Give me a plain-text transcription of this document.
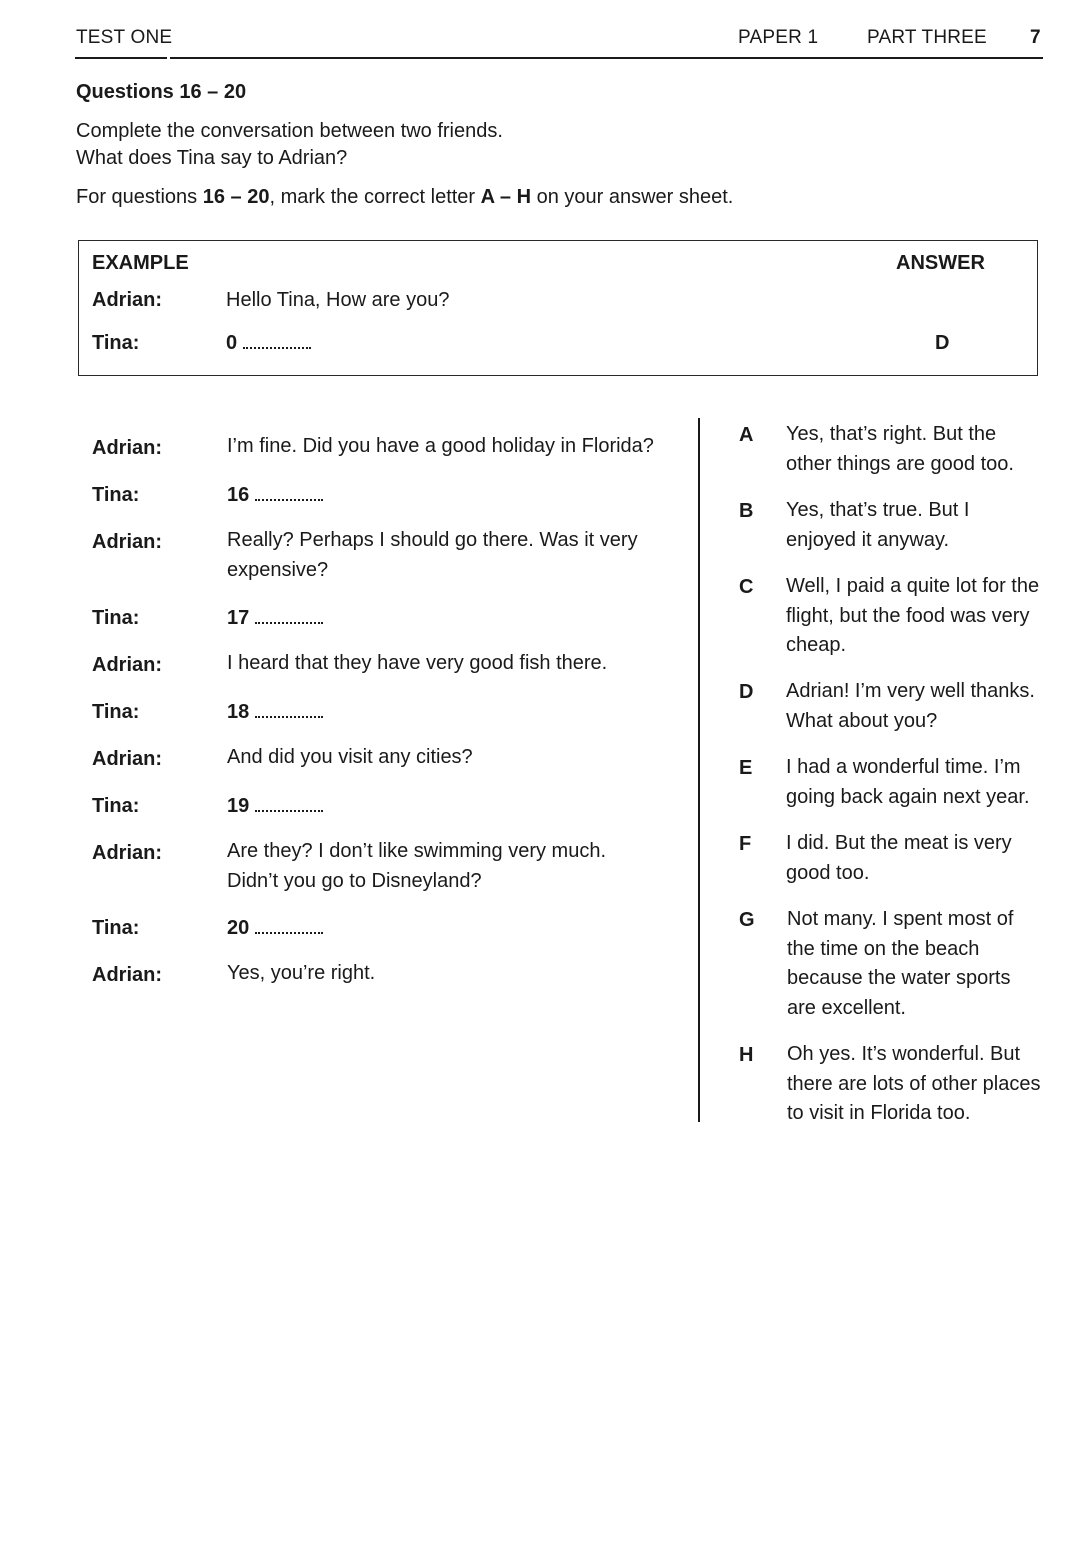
TEST ONE	PAPER 1	PART THREE 7
Questions 16 – 20
Complete the conversation between two friends.
What does Tina say to Adrian?
For questions 16 – 20, mark the correct letter A – H on your answer sheet.
EXAMPLE	ANSWER
Adrian:	Hello Tina, How are you?
Tina:	0	D
Adrian:	I’m fine. Did you have a good holiday in Florida?
Tina:	16
Adrian:	Really? Perhaps I should go there. Was it very expensive?
Tina:	17
Adrian:	I heard that they have very good fish there.
Tina:	18
Adrian:	And did you visit any cities?
Tina:	19
Adrian:	Are they? I don’t like swimming very much. Didn’t you go to Disneyland?
Tina:	20
Adrian:	Yes, you’re right.
A Yes, that’s right. But the other things are good too.
B Yes, that’s true. But I enjoyed it anyway.
C Well, I paid a quite lot for the flight, but the food was very cheap.
D Adrian! I’m very well thanks. What about you?
E I had a wonderful time. I’m going back again next year.
F I did. But the meat is very good too.
G Not many. I spent most of the time on the beach because the water sports are excellent.
H Oh yes. It’s wonderful. But there are lots of other places to visit in Florida too.
